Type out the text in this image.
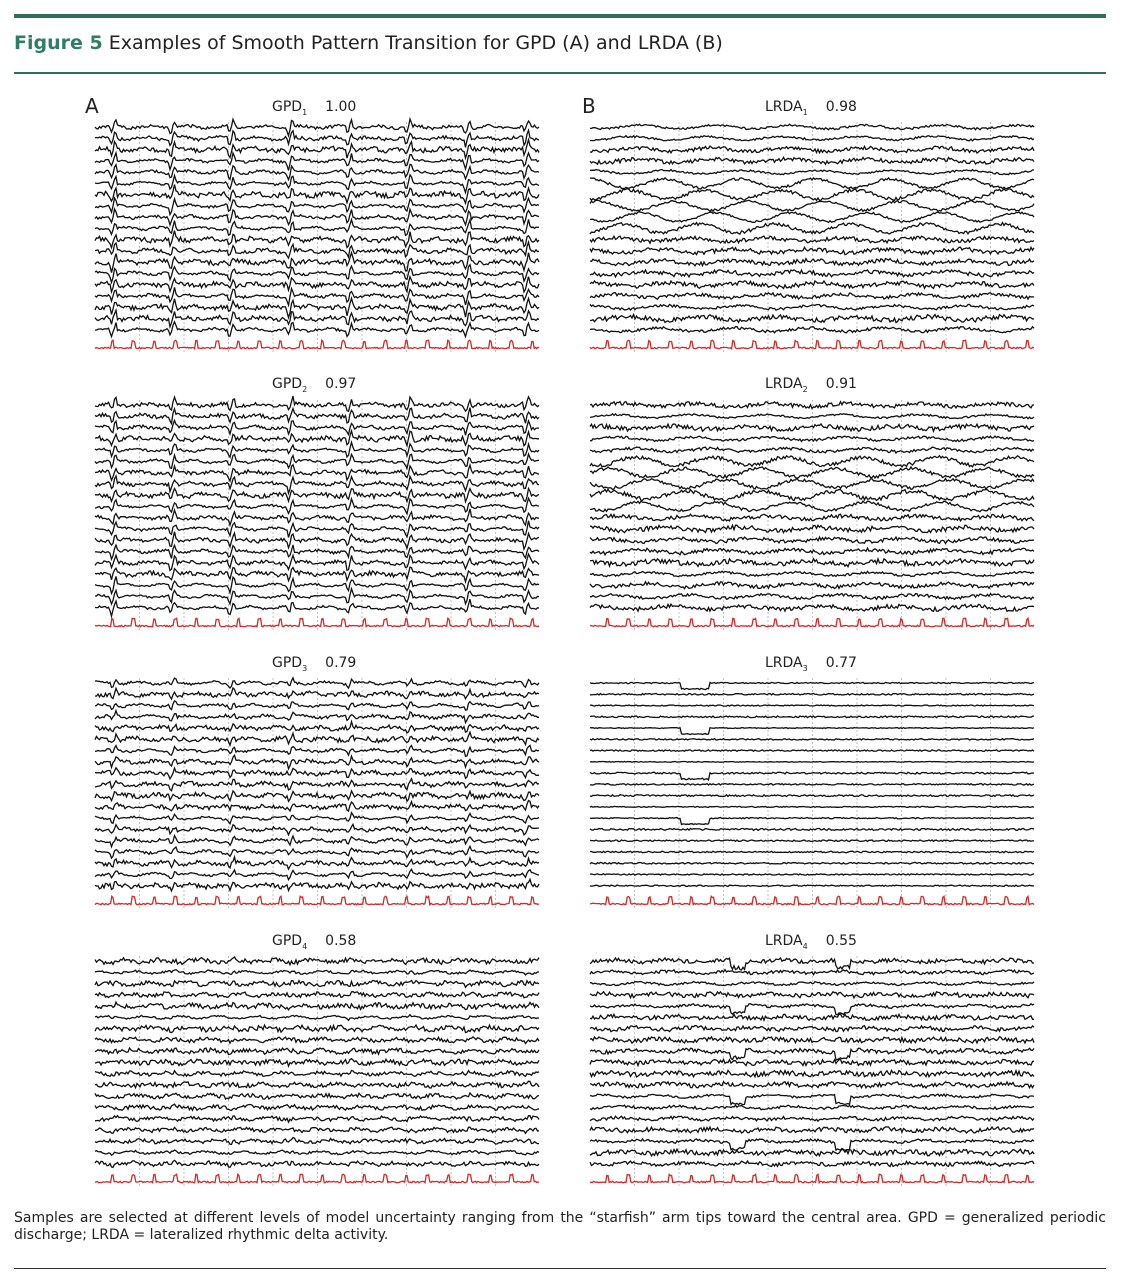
Figure 5 Examples of Smooth Pattern Transition for GPD (A) and LRDA (B)
A	B
$GPD_1$ 1.00
$GPD_2$ 0.97
$GPD_3$ 0.79
$GPD_4$ 0.58
$LRDA_1$ 0.98
$LRDA_2$ 0.91
$LRDA_3$ 0.77
$LRDA_4$ 0.55
Samples are selected at different levels of model uncertainty ranging from the “starfish” arm tips toward the central area. GPD = generalized periodic discharge; LRDA = lateralized rhythmic delta activity.
